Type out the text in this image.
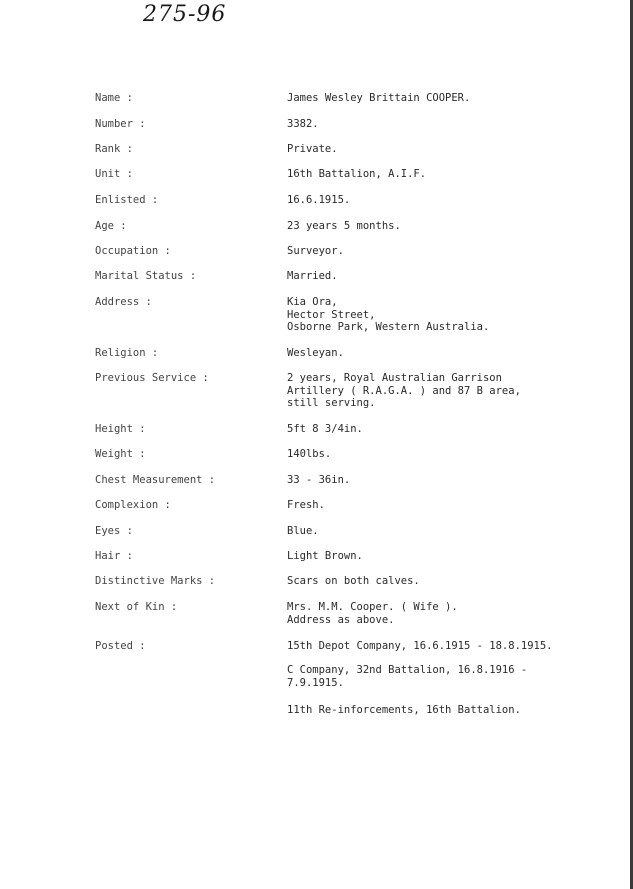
275-96
Name :	James Wesley Brittain COOPER.
Number :	3382.
Rank :	Private.
Unit :	16th Battalion, A.I.F.
Enlisted :	16.6.1915.
Age :	23 years 5 months.
Occupation :	Surveyor.
Marital Status :	Married.
Address :	Kia Ora,
Hector Street,
Osborne Park, Western Australia.
Religion :	Wesleyan.
Previous Service :	2 years, Royal Australian Garrison
Artillery ( R.A.G.A. ) and 87 B area,
still serving.
Height :	5ft 8 3/4in.
Weight :	140lbs.
Chest Measurement :	33 - 36in.
Complexion :	Fresh.
Eyes :	Blue.
Hair :	Light Brown.
Distinctive Marks :	Scars on both calves.
Next of Kin :	Mrs. M.M. Cooper. ( Wife ).
Address as above.
Posted :	15th Depot Company, 16.6.1915 - 18.8.1915.
C Company, 32nd Battalion, 16.8.1916 -
7.9.1915.
11th Re-inforcements, 16th Battalion.
